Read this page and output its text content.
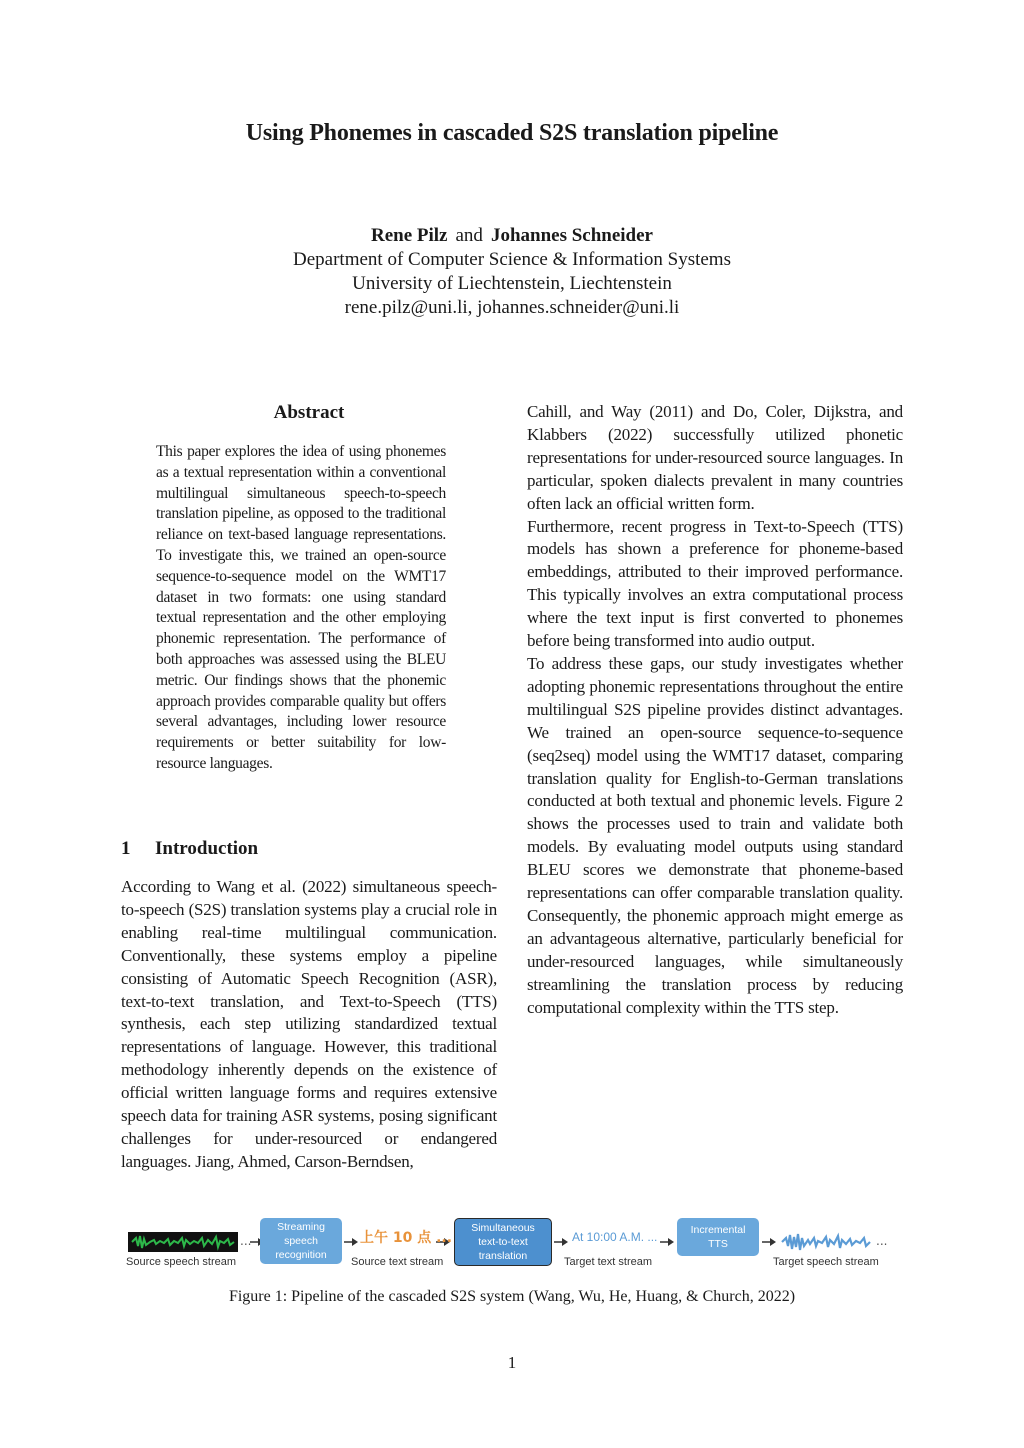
Using Phonemes in cascaded S2S translation pipeline
Rene Pilz and Johannes Schneider
Department of Computer Science & Information Systems
University of Liechtenstein, Liechtenstein
rene.pilz@uni.li, johannes.schneider@uni.li
Abstract

This paper explores the idea of using phonemes as a textual representation within a conventional multilingual simultaneous speech-to-speech translation pipeline, as opposed to the traditional reliance on text-based language representations. To investigate this, we trained an open-source sequence-to-sequence model on the WMT17 dataset in two formats: one using standard textual representation and the other employing phonemic representation. The performance of both approaches was assessed using the BLEU metric. Our findings shows that the phonemic approach provides comparable quality but offers several advantages, including lower resource requirements or better suitability for low-resource languages.

1 Introduction

According to Wang et al. (2022) simultaneous speech-to-speech (S2S) translation systems play a crucial role in enabling real-time multilingual communication. Conventionally, these systems employ a pipeline consisting of Automatic Speech Recognition (ASR), text-to-text translation, and Text-to-Speech (TTS) synthesis, each step utilizing standardized textual representations of language. However, this traditional methodology inherently depends on the existence of official written language forms and requires extensive speech data for training ASR systems, posing significant challenges for under-resourced or endangered languages. Jiang, Ahmed, Carson-Berndsen,

Cahill, and Way (2011) and Do, Coler, Dijkstra, and Klabbers (2022) successfully utilized phonetic representations for under-resourced source languages. In particular, spoken dialects prevalent in many countries often lack an official written form.

Furthermore, recent progress in Text-to-Speech (TTS) models has shown a preference for phoneme-based embeddings, attributed to their improved performance. This typically involves an extra computational process where the text input is first converted to phonemes before being transformed into audio output.

To address these gaps, our study investigates whether adopting phonemic representations throughout the entire multilingual S2S pipeline provides distinct advantages. We trained an open-source sequence-to-sequence (seq2seq) model using the WMT17 dataset, comparing translation quality for English-to-German translations conducted at both textual and phonemic levels. Figure 2 shows the processes used to train and validate both models. By evaluating model outputs using standard BLEU scores we demonstrate that phoneme-based representations can offer comparable translation quality. Consequently, the phonemic approach might emerge as an advantageous alternative, particularly beneficial for under-resourced languages, while simultaneously streamlining the translation process by reducing computational complexity within the TTS step.

...	...
Streaming
speech
recognition
上午 10 点 ...
Simultaneous
text-to-text
translation
At 10:00 A.M. ...	Incremental
TTS
Source speech stream	Source text stream	Target text stream	Target speech stream
Figure 1: Pipeline of the cascaded S2S system (Wang, Wu, He, Huang, & Church, 2022)
1
